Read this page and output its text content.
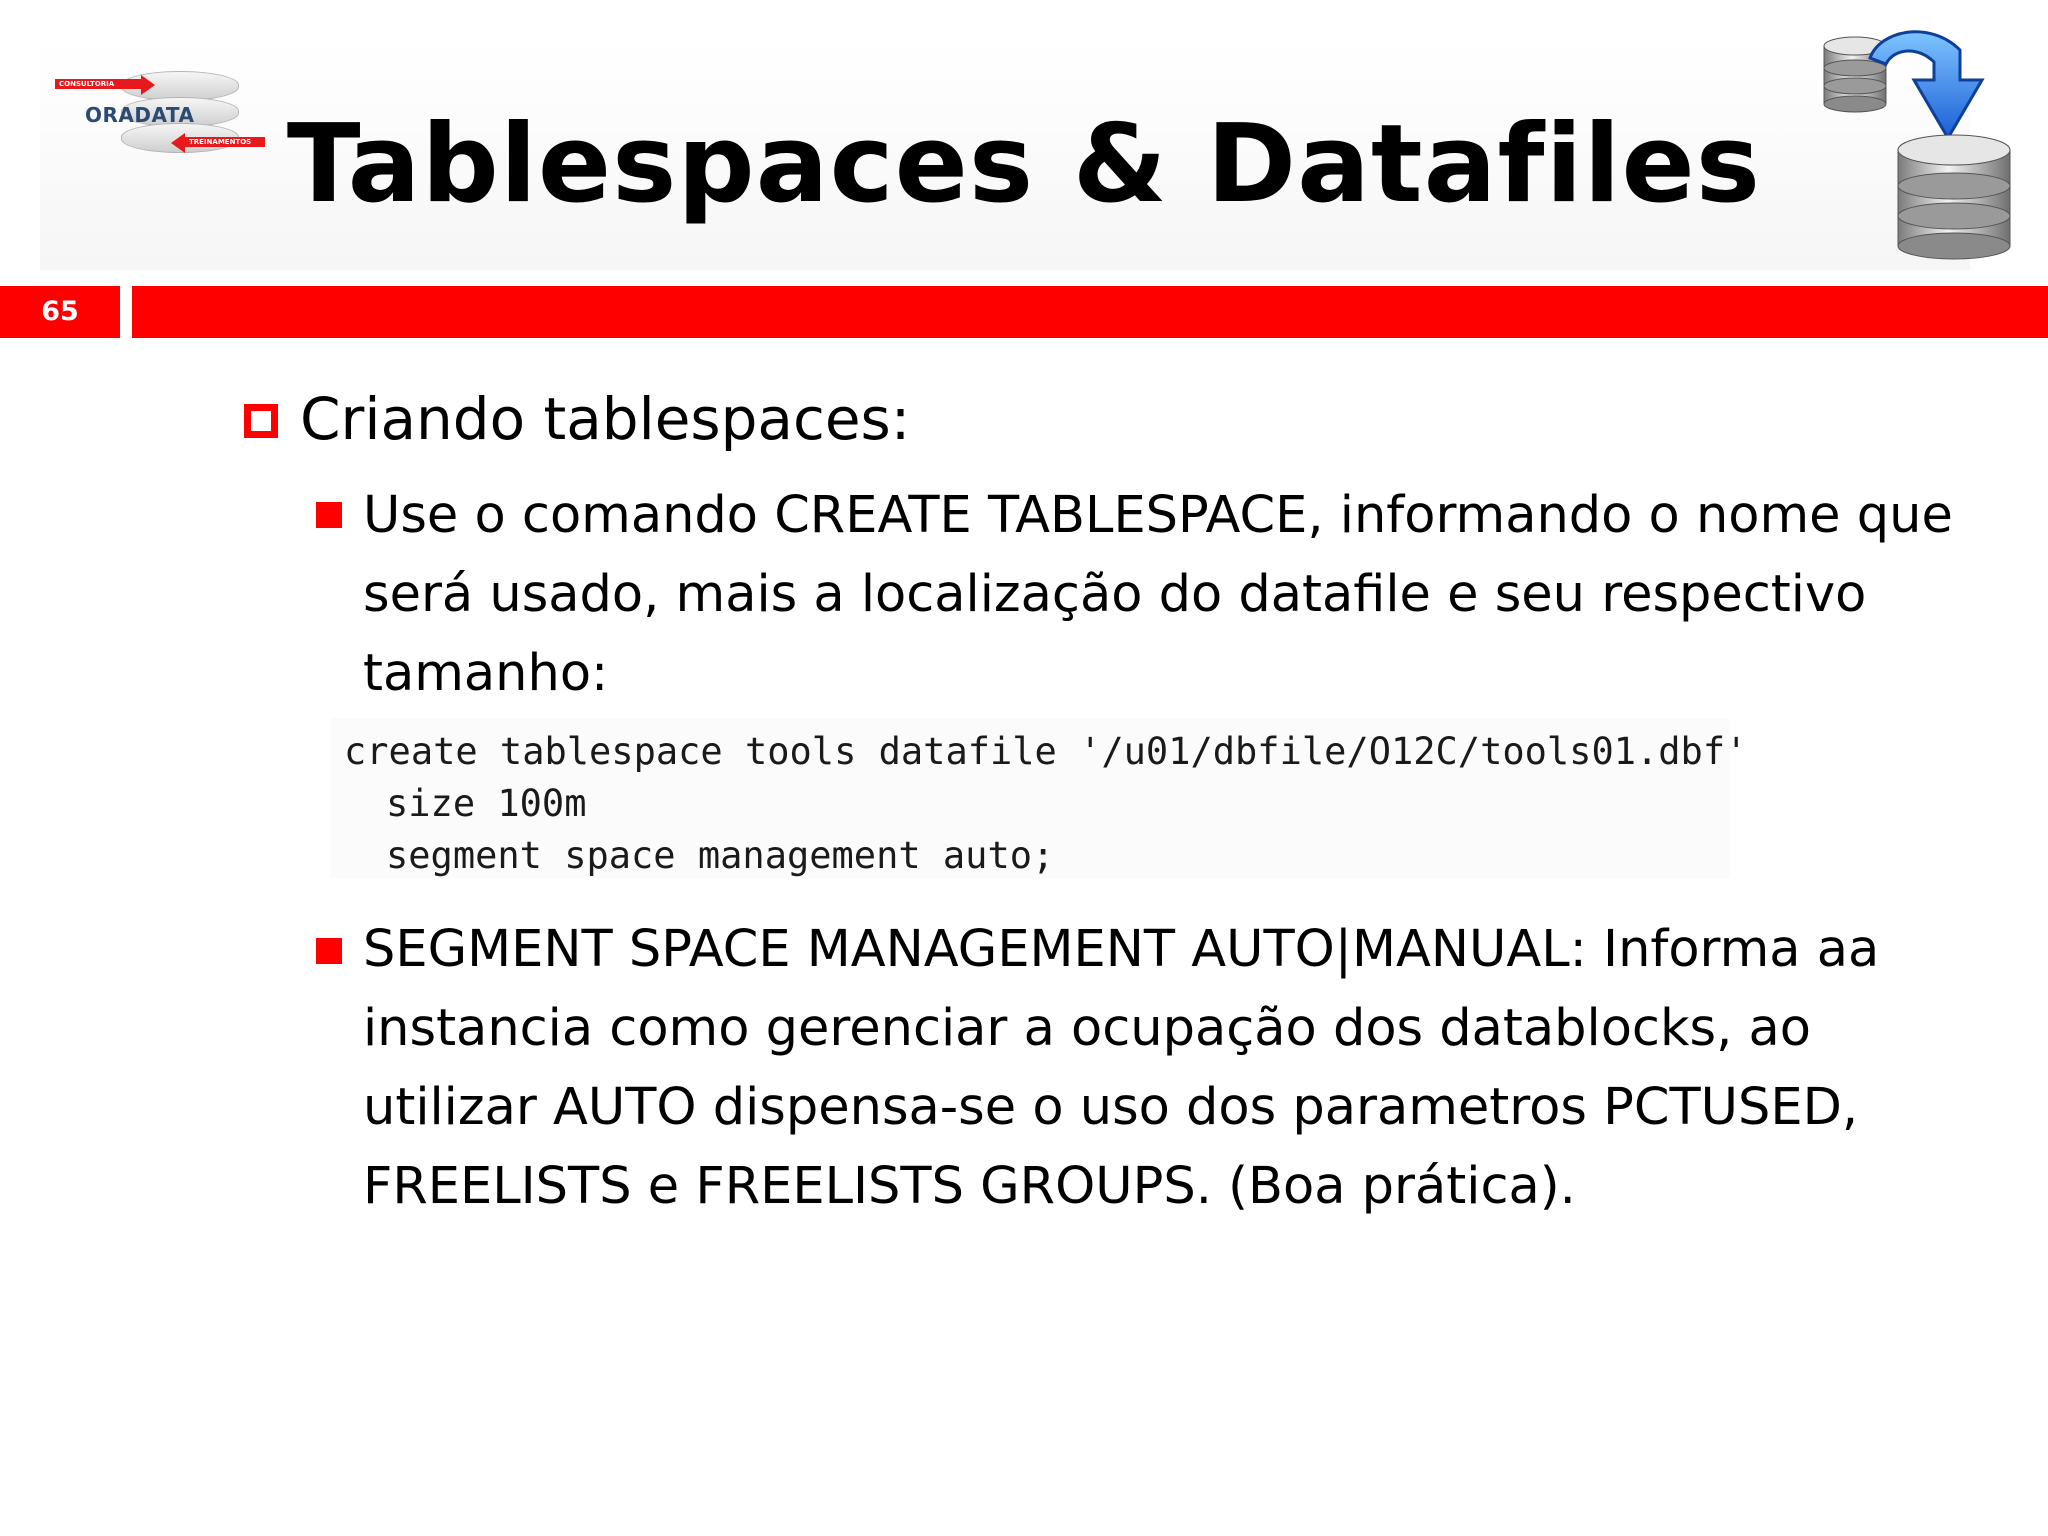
CONSULTORIA
ORADATA
TREINAMENTOS Tablespaces & Datafiles
65
Criando tablespaces:

Use o comando CREATE TABLESPACE, informando o nome que será usado, mais a localização do datafile e seu respectivo tamanho:

create tablespace tools datafile '/u01/dbfile/O12C/tools01.dbf'
size 100m
segment space management auto;

SEGMENT SPACE MANAGEMENT AUTO|MANUAL: Informa aa instancia como gerenciar a ocupação dos datablocks, ao utilizar AUTO dispensa-se o uso dos parametros PCTUSED, FREELISTS e FREELISTS GROUPS. (Boa prática).
